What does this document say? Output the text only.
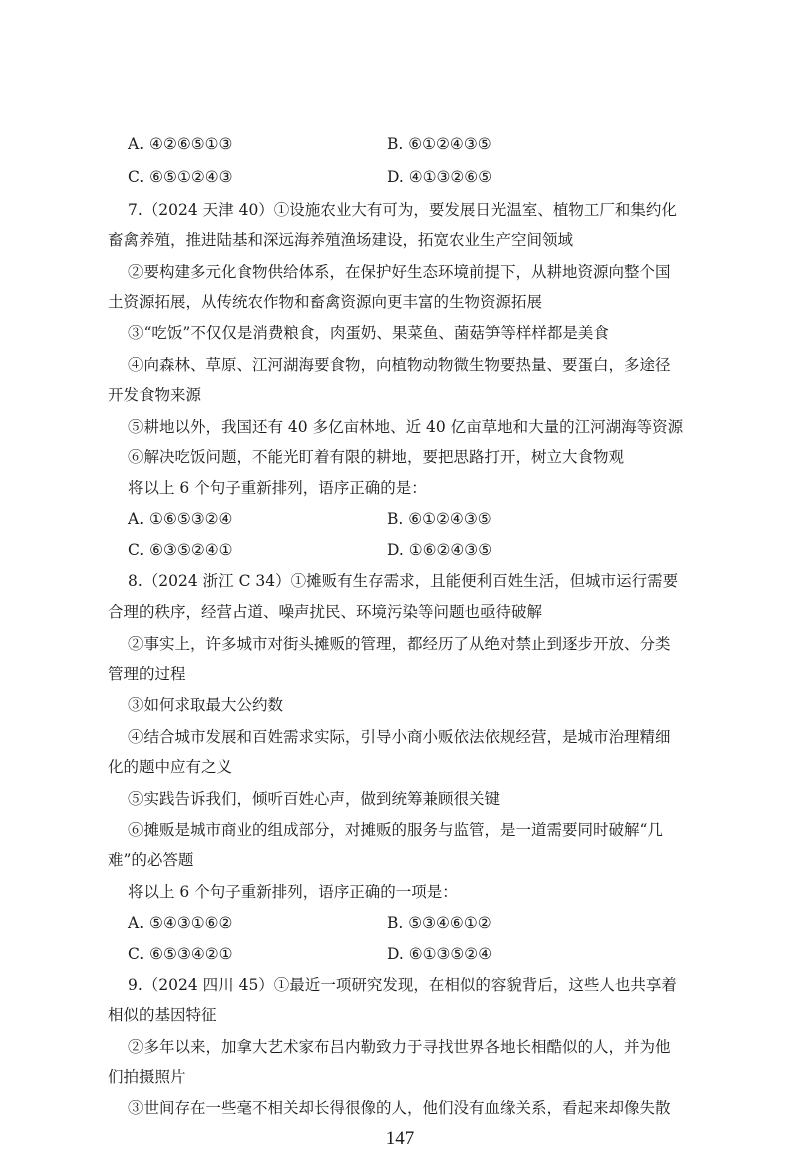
A. ④②⑥⑤①③	B. ⑥①②④③⑤
C. ⑥⑤①②④③	D. ④①③②⑥⑤
7.（2024 天津 40）①设施农业大有可为，要发展日光温室、植物工厂和集约化
畜禽养殖，推进陆基和深远海养殖渔场建设，拓宽农业生产空间领域
②要构建多元化食物供给体系，在保护好生态环境前提下，从耕地资源向整个国
土资源拓展，从传统农作物和畜禽资源向更丰富的生物资源拓展
③“吃饭”不仅仅是消费粮食，肉蛋奶、果菜鱼、菌菇笋等样样都是美食
④向森林、草原、江河湖海要食物，向植物动物微生物要热量、要蛋白，多途径
开发食物来源
⑤耕地以外，我国还有 40 多亿亩林地、近 40 亿亩草地和大量的江河湖海等资源
⑥解决吃饭问题，不能光盯着有限的耕地，要把思路打开，树立大食物观
将以上 6 个句子重新排列，语序正确的是：
A. ①⑥⑤③②④	B. ⑥①②④③⑤
C. ⑥③⑤②④①	D. ①⑥②④③⑤
8.（2024 浙江 C 34）①摊贩有生存需求，且能便利百姓生活，但城市运行需要
合理的秩序，经营占道、噪声扰民、环境污染等问题也亟待破解
②事实上，许多城市对街头摊贩的管理，都经历了从绝对禁止到逐步开放、分类
管理的过程
③如何求取最大公约数
④结合城市发展和百姓需求实际，引导小商小贩依法依规经营，是城市治理精细
化的题中应有之义
⑤实践告诉我们，倾听百姓心声，做到统筹兼顾很关键
⑥摊贩是城市商业的组成部分，对摊贩的服务与监管，是一道需要同时破解“几
难”的必答题
将以上 6 个句子重新排列，语序正确的一项是：
A. ⑤④③①⑥②	B. ⑤③④⑥①②
C. ⑥⑤③④②①	D. ⑥①③⑤②④
9.（2024 四川 45）①最近一项研究发现，在相似的容貌背后，这些人也共享着
相似的基因特征
②多年以来，加拿大艺术家布吕内勒致力于寻找世界各地长相酷似的人，并为他
们拍摄照片
③世间存在一些毫不相关却长得很像的人，他们没有血缘关系，看起来却像失散
147
